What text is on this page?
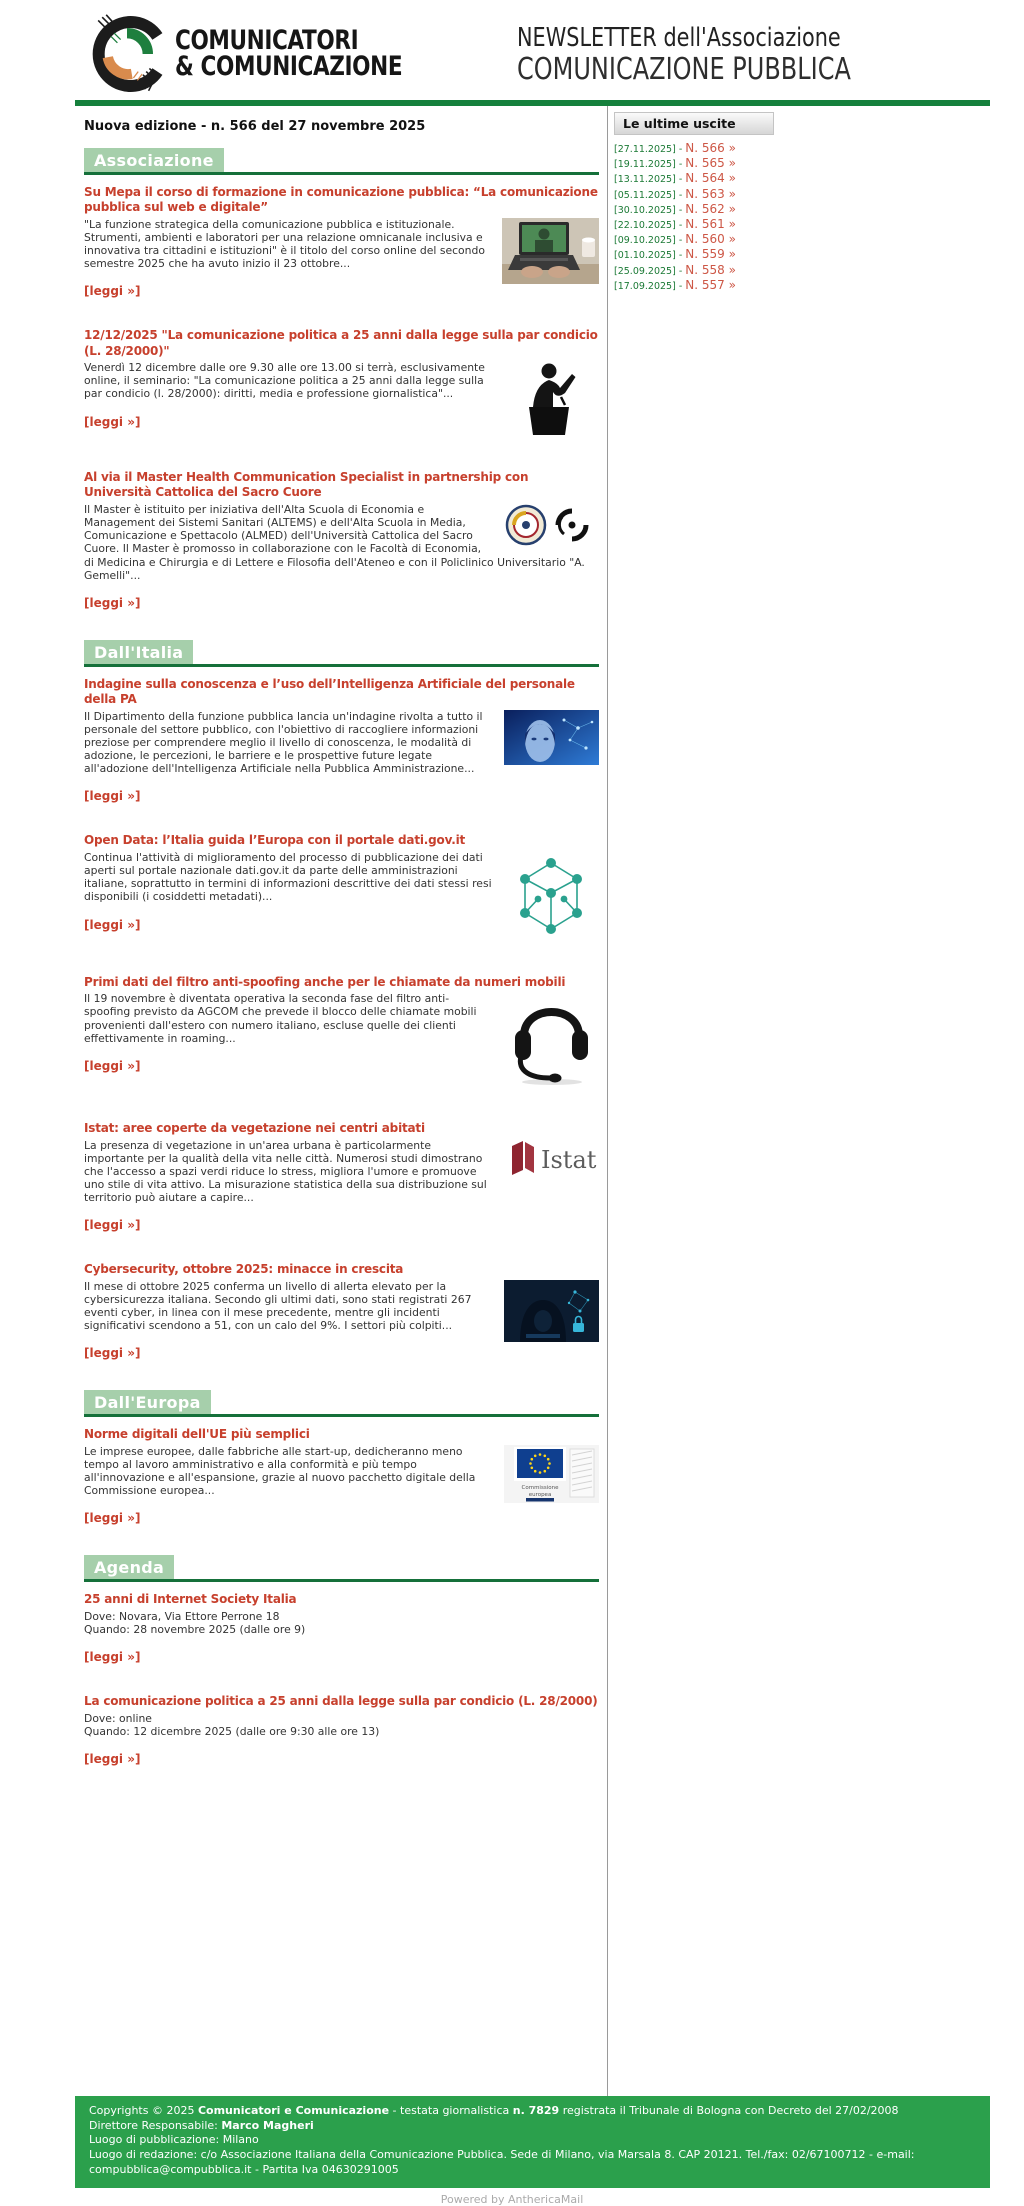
COMUNICATORI
& COMUNICAZIONE
NEWSLETTER dell'Associazione
COMUNICAZIONE PUBBLICA
Nuova edizione - n. 566 del 27 novembre 2025
Associazione
Su Mepa il corso di formazione in comunicazione pubblica: “La comunicazione pubblica sul web e digitale”
"La funzione strategica della comunicazione pubblica e istituzionale. Strumenti, ambienti e laboratori per una relazione omnicanale inclusiva e innovativa tra cittadini e istituzioni" è il titolo del corso online del secondo semestre 2025 che ha avuto inizio il 23 ottobre...
[leggi »]
12/12/2025 "La comunicazione politica a 25 anni dalla legge sulla par condicio (L. 28/2000)"
Venerdì 12 dicembre dalle ore 9.30 alle ore 13.00 si terrà, esclusivamente online, il seminario: "La comunicazione politica a 25 anni dalla legge sulla par condicio (l. 28/2000): diritti, media e professione giornalistica"...
[leggi »]
Al via il Master Health Communication Specialist in partnership con Università Cattolica del Sacro Cuore
Il Master è istituito per iniziativa dell'Alta Scuola di Economia e Management dei Sistemi Sanitari (ALTEMS) e dell'Alta Scuola in Media, Comunicazione e Spettacolo (ALMED) dell'Università Cattolica del Sacro Cuore. Il Master è promosso in collaborazione con le Facoltà di Economia, di Medicina e Chirurgia e di Lettere e Filosofia dell'Ateneo e con il Policlinico Universitario "A. Gemelli"...
[leggi »]
Dall'Italia
Indagine sulla conoscenza e l’uso dell’Intelligenza Artificiale del personale della PA
Il Dipartimento della funzione pubblica lancia un'indagine rivolta a tutto il personale del settore pubblico, con l'obiettivo di raccogliere informazioni preziose per comprendere meglio il livello di conoscenza, le modalità di adozione, le percezioni, le barriere e le prospettive future legate all'adozione dell'Intelligenza Artificiale nella Pubblica Amministrazione...
[leggi »]
Open Data: l’Italia guida l’Europa con il portale dati.gov.it
Continua l'attività di miglioramento del processo di pubblicazione dei dati aperti sul portale nazionale dati.gov.it da parte delle amministrazioni italiane, soprattutto in termini di informazioni descrittive dei dati stessi resi disponibili (i cosiddetti metadati)...
[leggi »]
Primi dati del filtro anti-spoofing anche per le chiamate da numeri mobili
Il 19 novembre è diventata operativa la seconda fase del filtro anti-spoofing previsto da AGCOM che prevede il blocco delle chiamate mobili provenienti dall'estero con numero italiano, escluse quelle dei clienti effettivamente in roaming...
[leggi »]
Istat: aree coperte da vegetazione nei centri abitati
Istat
La presenza di vegetazione in un'area urbana è particolarmente importante per la qualità della vita nelle città. Numerosi studi dimostrano che l'accesso a spazi verdi riduce lo stress, migliora l'umore e promuove uno stile di vita attivo. La misurazione statistica della sua distribuzione sul territorio può aiutare a capire...
[leggi »]
Cybersecurity, ottobre 2025: minacce in crescita
Il mese di ottobre 2025 conferma un livello di allerta elevato per la cybersicurezza italiana. Secondo gli ultimi dati, sono stati registrati 267 eventi cyber, in linea con il mese precedente, mentre gli incidenti significativi scendono a 51, con un calo del 9%. I settori più colpiti...
[leggi »]
Dall'Europa
Norme digitali dell'UE più semplici
Commissione
europea
Le imprese europee, dalle fabbriche alle start-up, dedicheranno meno tempo al lavoro amministrativo e alla conformità e più tempo all'innovazione e all'espansione, grazie al nuovo pacchetto digitale della Commissione europea...
[leggi »]
Agenda
25 anni di Internet Society Italia
Dove: Novara, Via Ettore Perrone 18
Quando: 28 novembre 2025 (dalle ore 9)
[leggi »]
La comunicazione politica a 25 anni dalla legge sulla par condicio (L. 28/2000)
Dove: online
Quando: 12 dicembre 2025 (dalle ore 9:30 alle ore 13)
[leggi »]
Le ultime uscite
[27.11.2025] - N. 566 »
[19.11.2025] - N. 565 »
[13.11.2025] - N. 564 »
[05.11.2025] - N. 563 »
[30.10.2025] - N. 562 »
[22.10.2025] - N. 561 »
[09.10.2025] - N. 560 »
[01.10.2025] - N. 559 »
[25.09.2025] - N. 558 »
[17.09.2025] - N. 557 »
Copyrights © 2025 Comunicatori e Comunicazione - testata giornalistica n. 7829 registrata il Tribunale di Bologna con Decreto del 27/02/2008
Direttore Responsabile: Marco Magheri
Luogo di pubblicazione: Milano
Luogo di redazione: c/o Associazione Italiana della Comunicazione Pubblica. Sede di Milano, via Marsala 8. CAP 20121. Tel./fax: 02/67100712 - e-mail: compubblica@compubblica.it - Partita Iva 04630291005
Powered by AnthericaMail
